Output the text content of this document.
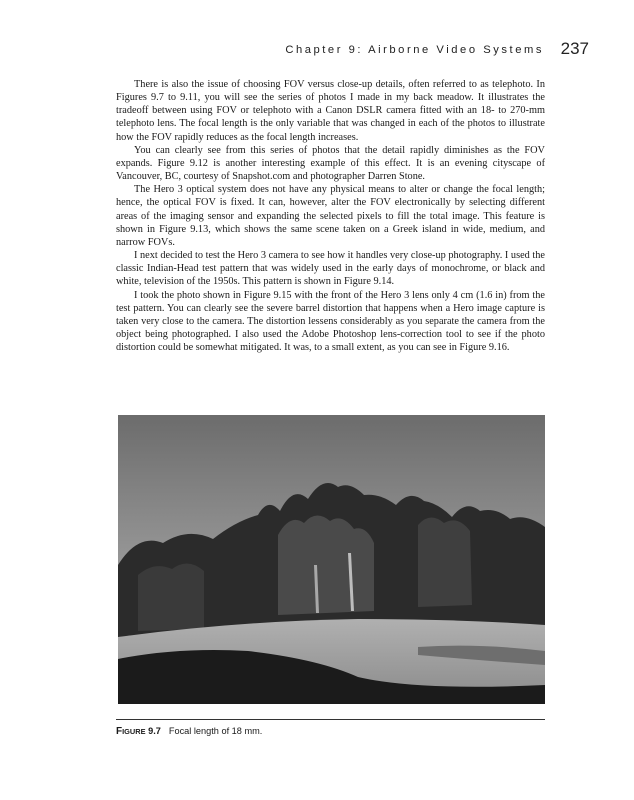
Chapter 9: Airborne Video Systems 237

There is also the issue of choosing FOV versus close-up details, often referred to as telephoto. In Figures 9.7 to 9.11, you will see the series of photos I made in my back meadow. It illustrates the tradeoff between using FOV or telephoto with a Canon DSLR camera fitted with an 18- to 270-mm telephoto lens. The focal length is the only variable that was changed in each of the photos to illustrate how the FOV rapidly reduces as the focal length increases.

You can clearly see from this series of photos that the detail rapidly diminishes as the FOV expands. Figure 9.12 is another interesting example of this effect. It is an evening cityscape of Vancouver, BC, courtesy of Snapshot.com and photographer Darren Stone.

The Hero 3 optical system does not have any physical means to alter or change the focal length; hence, the optical FOV is fixed. It can, however, alter the FOV electronically by selecting different areas of the imaging sensor and expanding the selected pixels to fill the total image. This feature is shown in Figure 9.13, which shows the same scene taken on a Greek island in wide, medium, and narrow FOVs.

I next decided to test the Hero 3 camera to see how it handles very close-up photography. I used the classic Indian-Head test pattern that was widely used in the early days of monochrome, or black and white, television of the 1950s. This pattern is shown in Figure 9.14.

I took the photo shown in Figure 9.15 with the front of the Hero 3 lens only 4 cm (1.6 in) from the test pattern. You can clearly see the severe barrel distortion that happens when a Hero image capture is taken very close to the camera. The distortion lessens considerably as you separate the camera from the object being photographed. I also used the Adobe Photoshop lens-correction tool to see if the photo distortion could be somewhat mitigated. It was, to a small extent, as you can see in Figure 9.16.

FIGURE 9.7 Focal length of 18 mm.
